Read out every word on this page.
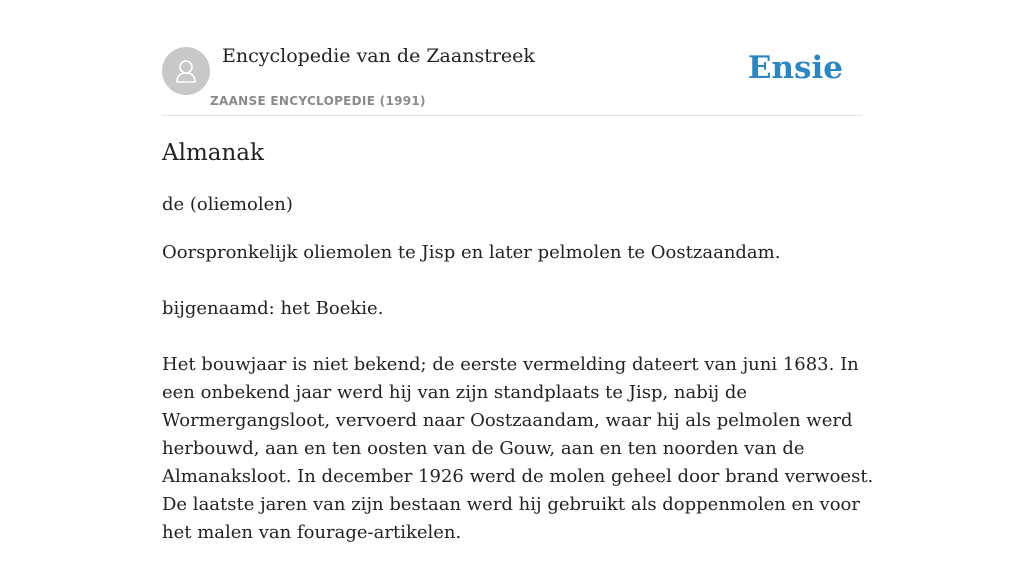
Encyclopedie van de Zaanstreek
ZAANSE ENCYCLOPEDIE (1991)
Ensie
Almanak
de (oliemolen)

Oorspronkelijk oliemolen te Jisp en later pelmolen te Oostzaandam.

bijgenaamd: het Boekie.

Het bouwjaar is niet bekend; de eerste vermelding dateert van juni 1683. In een onbekend jaar werd hij van zijn standplaats te Jisp, nabij de Wormergangsloot, vervoerd naar Oostzaandam, waar hij als pelmolen werd herbouwd, aan en ten oosten van de Gouw, aan en ten noorden van de Almanaksloot. In december 1926 werd de molen geheel door brand verwoest. De laatste jaren van zijn bestaan werd hij gebruikt als doppenmolen en voor het malen van fourage-artikelen.
